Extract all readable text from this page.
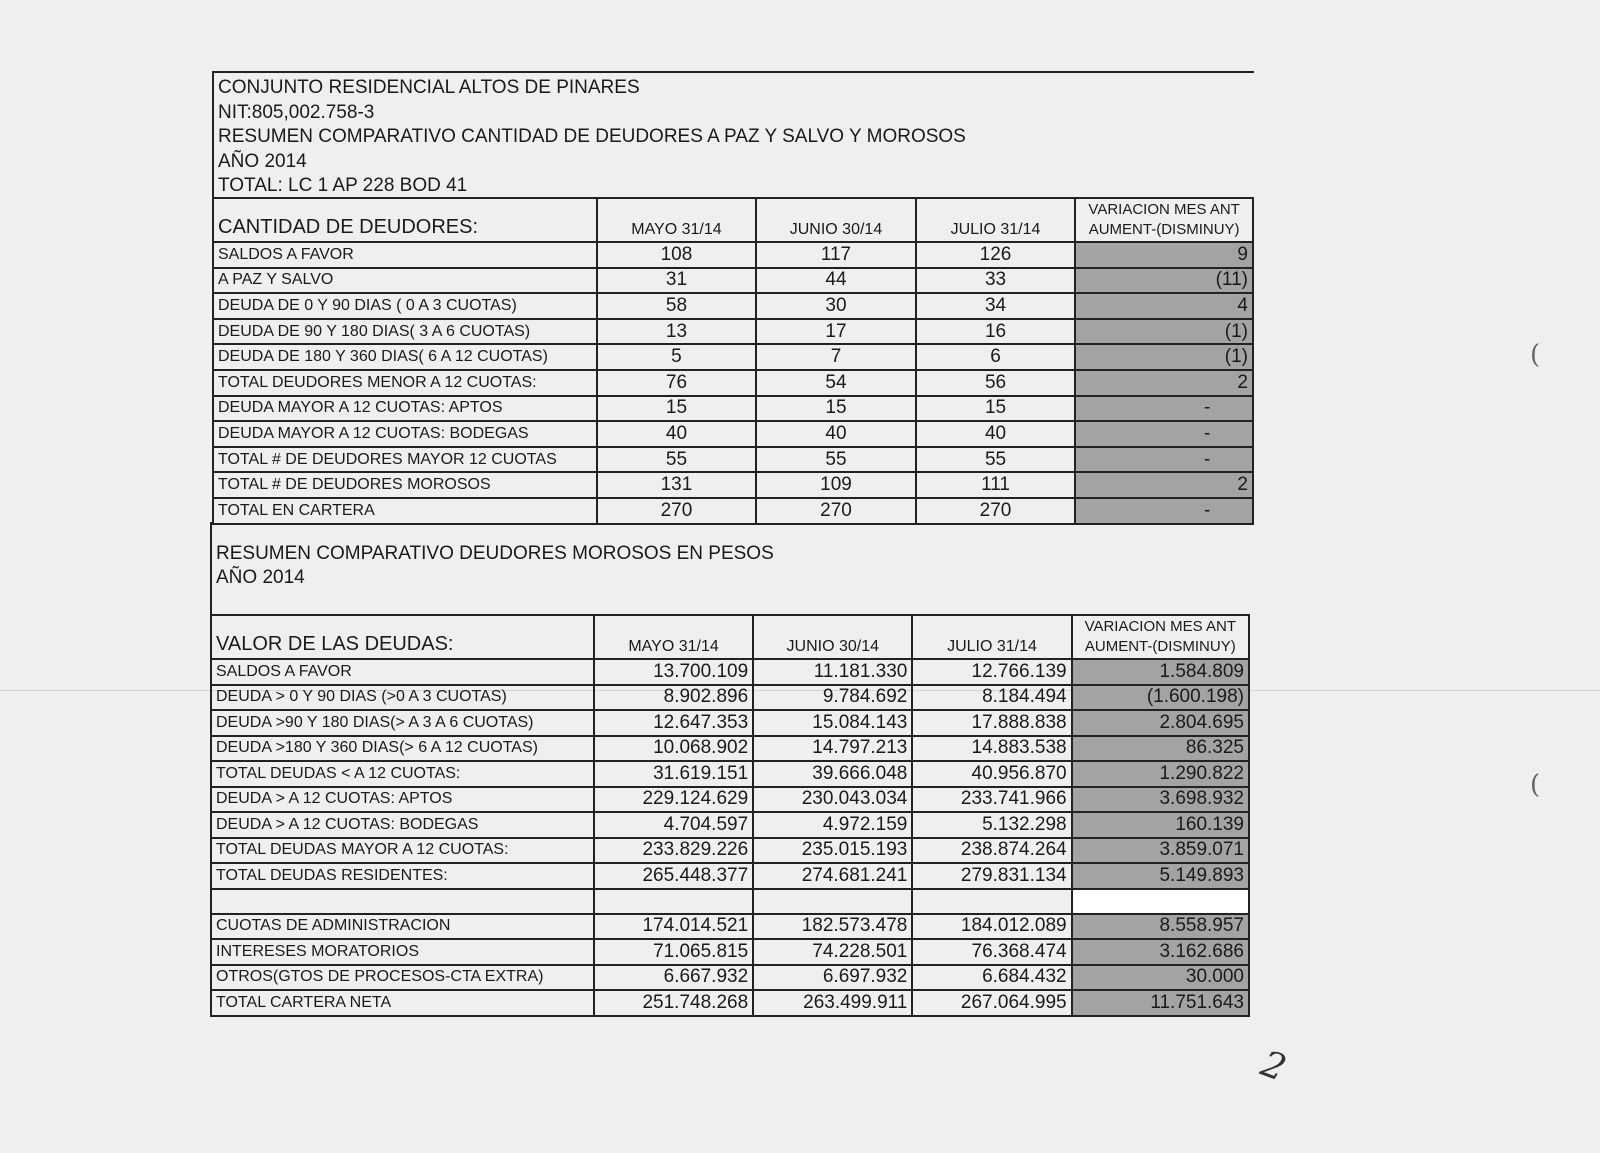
CONJUNTO RESIDENCIAL ALTOS DE PINARES
NIT:805,002.758-3
RESUMEN COMPARATIVO CANTIDAD DE DEUDORES A PAZ Y SALVO Y MOROSOS
AÑO 2014
TOTAL: LC 1 AP 228 BOD 41
CANTIDAD DE DEUDORES:	MAYO 31/14	JUNIO 30/14	JULIO 31/14	VARIACION MES ANT
AUMENT-(DISMINUY)
SALDOS A FAVOR	108	117	126	9
A PAZ Y SALVO	31	44	33	(11)
DEUDA DE 0 Y 90 DIAS ( 0 A 3 CUOTAS)	58	30	34	4
DEUDA DE 90 Y 180 DIAS( 3 A 6 CUOTAS)	13	17	16	(1)
DEUDA DE 180 Y 360 DIAS( 6 A 12 CUOTAS)	5	7	6	(1)
TOTAL DEUDORES MENOR A 12 CUOTAS:	76	54	56	2
DEUDA MAYOR A 12 CUOTAS: APTOS	15	15	15	-
DEUDA MAYOR A 12 CUOTAS: BODEGAS	40	40	40	-
TOTAL # DE DEUDORES MAYOR 12 CUOTAS	55	55	55	-
TOTAL # DE DEUDORES MOROSOS	131	109	111	2
TOTAL EN CARTERA	270	270	270	-
RESUMEN COMPARATIVO DEUDORES MOROSOS EN PESOS
AÑO 2014
VALOR DE LAS DEUDAS:	MAYO 31/14	JUNIO 30/14	JULIO 31/14	VARIACION MES ANT
AUMENT-(DISMINUY)
SALDOS A FAVOR	13.700.109	11.181.330	12.766.139	1.584.809
DEUDA > 0 Y 90 DIAS (>0 A 3 CUOTAS)	8.902.896	9.784.692	8.184.494	(1.600.198)
DEUDA >90 Y 180 DIAS(> A 3 A 6 CUOTAS)	12.647.353	15.084.143	17.888.838	2.804.695
DEUDA >180 Y 360 DIAS(> 6 A 12 CUOTAS)	10.068.902	14.797.213	14.883.538	86.325
TOTAL DEUDAS < A 12 CUOTAS:	31.619.151	39.666.048	40.956.870	1.290.822
DEUDA > A 12 CUOTAS: APTOS	229.124.629	230.043.034	233.741.966	3.698.932
DEUDA > A 12 CUOTAS: BODEGAS	4.704.597	4.972.159	5.132.298	160.139
TOTAL DEUDAS MAYOR A 12 CUOTAS:	233.829.226	235.015.193	238.874.264	3.859.071
TOTAL DEUDAS RESIDENTES:	265.448.377	274.681.241	279.831.134	5.149.893

CUOTAS DE ADMINISTRACION	174.014.521	182.573.478	184.012.089	8.558.957
INTERESES MORATORIOS	71.065.815	74.228.501	76.368.474	3.162.686
OTROS(GTOS DE PROCESOS-CTA EXTRA)	6.667.932	6.697.932	6.684.432	30.000
TOTAL CARTERA NETA	251.748.268	263.499.911	267.064.995	11.751.643
2
(
(
